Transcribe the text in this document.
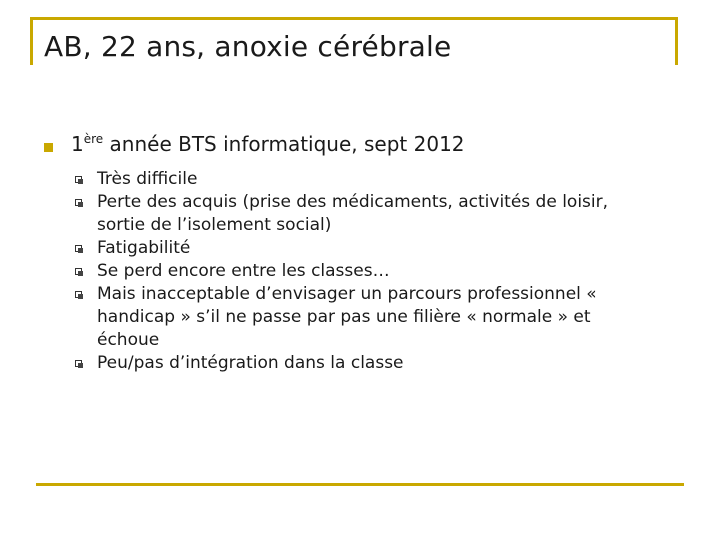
AB, 22 ans, anoxie cérébrale
1ère année BTS informatique, sept 2012
Très difficile
Perte des acquis (prise des médicaments, activités de loisir, sortie de l’isolement social)
Fatigabilité
Se perd encore entre les classes…
Mais inacceptable d’envisager un parcours professionnel « handicap » s’il ne passe par pas une filière « normale » et échoue
Peu/pas d’intégration dans la classe
